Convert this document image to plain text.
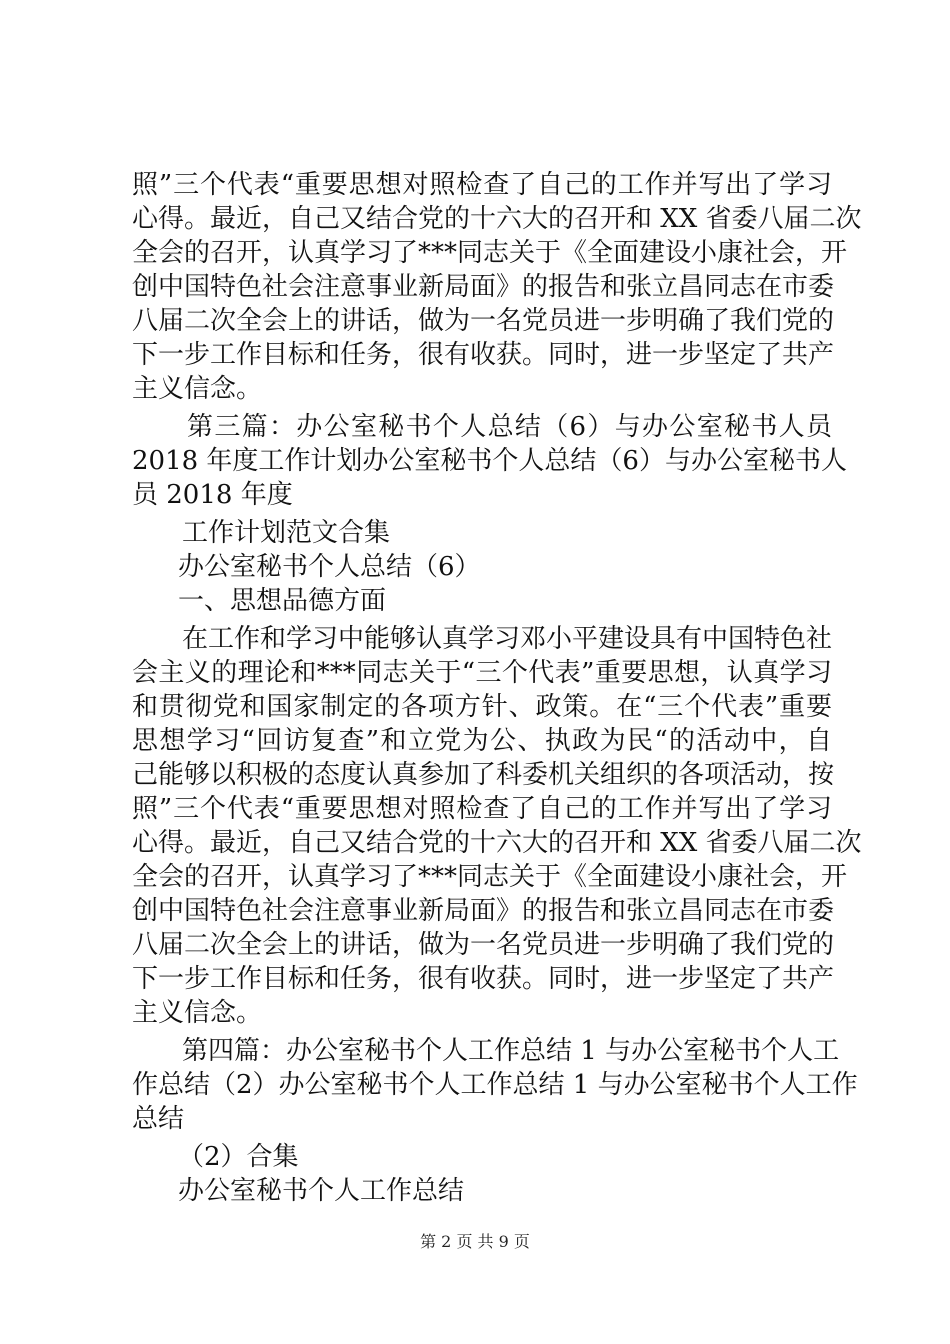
照”三个代表“重要思想对照检查了自己的工作并写出了学习
心得。最近，自己又结合党的十六大的召开和 XX 省委八届二次
全会的召开，认真学习了***同志关于《全面建设小康社会，开
创中国特色社会注意事业新局面》的报告和张立昌同志在市委
八届二次全会上的讲话，做为一名党员进一步明确了我们党的
下一步工作目标和任务，很有收获。同时，进一步坚定了共产
主义信念。
第三篇：办公室秘书个人总结（6）与办公室秘书人员
2018 年度工作计划办公室秘书个人总结（6）与办公室秘书人
员 2018 年度
工作计划范文合集
办公室秘书个人总结（6）
一、思想品德方面
在工作和学习中能够认真学习邓小平建设具有中国特色社
会主义的理论和***同志关于“三个代表”重要思想，认真学习
和贯彻党和国家制定的各项方针、政策。在“三个代表”重要
思想学习“回访复查”和立党为公、执政为民“的活动中，自
己能够以积极的态度认真参加了科委机关组织的各项活动，按
照”三个代表“重要思想对照检查了自己的工作并写出了学习
心得。最近，自己又结合党的十六大的召开和 XX 省委八届二次
全会的召开，认真学习了***同志关于《全面建设小康社会，开
创中国特色社会注意事业新局面》的报告和张立昌同志在市委
八届二次全会上的讲话，做为一名党员进一步明确了我们党的
下一步工作目标和任务，很有收获。同时，进一步坚定了共产
主义信念。
第四篇：办公室秘书个人工作总结 1 与办公室秘书个人工
作总结（2）办公室秘书个人工作总结 1 与办公室秘书个人工作
总结
（2）合集
办公室秘书个人工作总结
第 2 页 共 9 页
